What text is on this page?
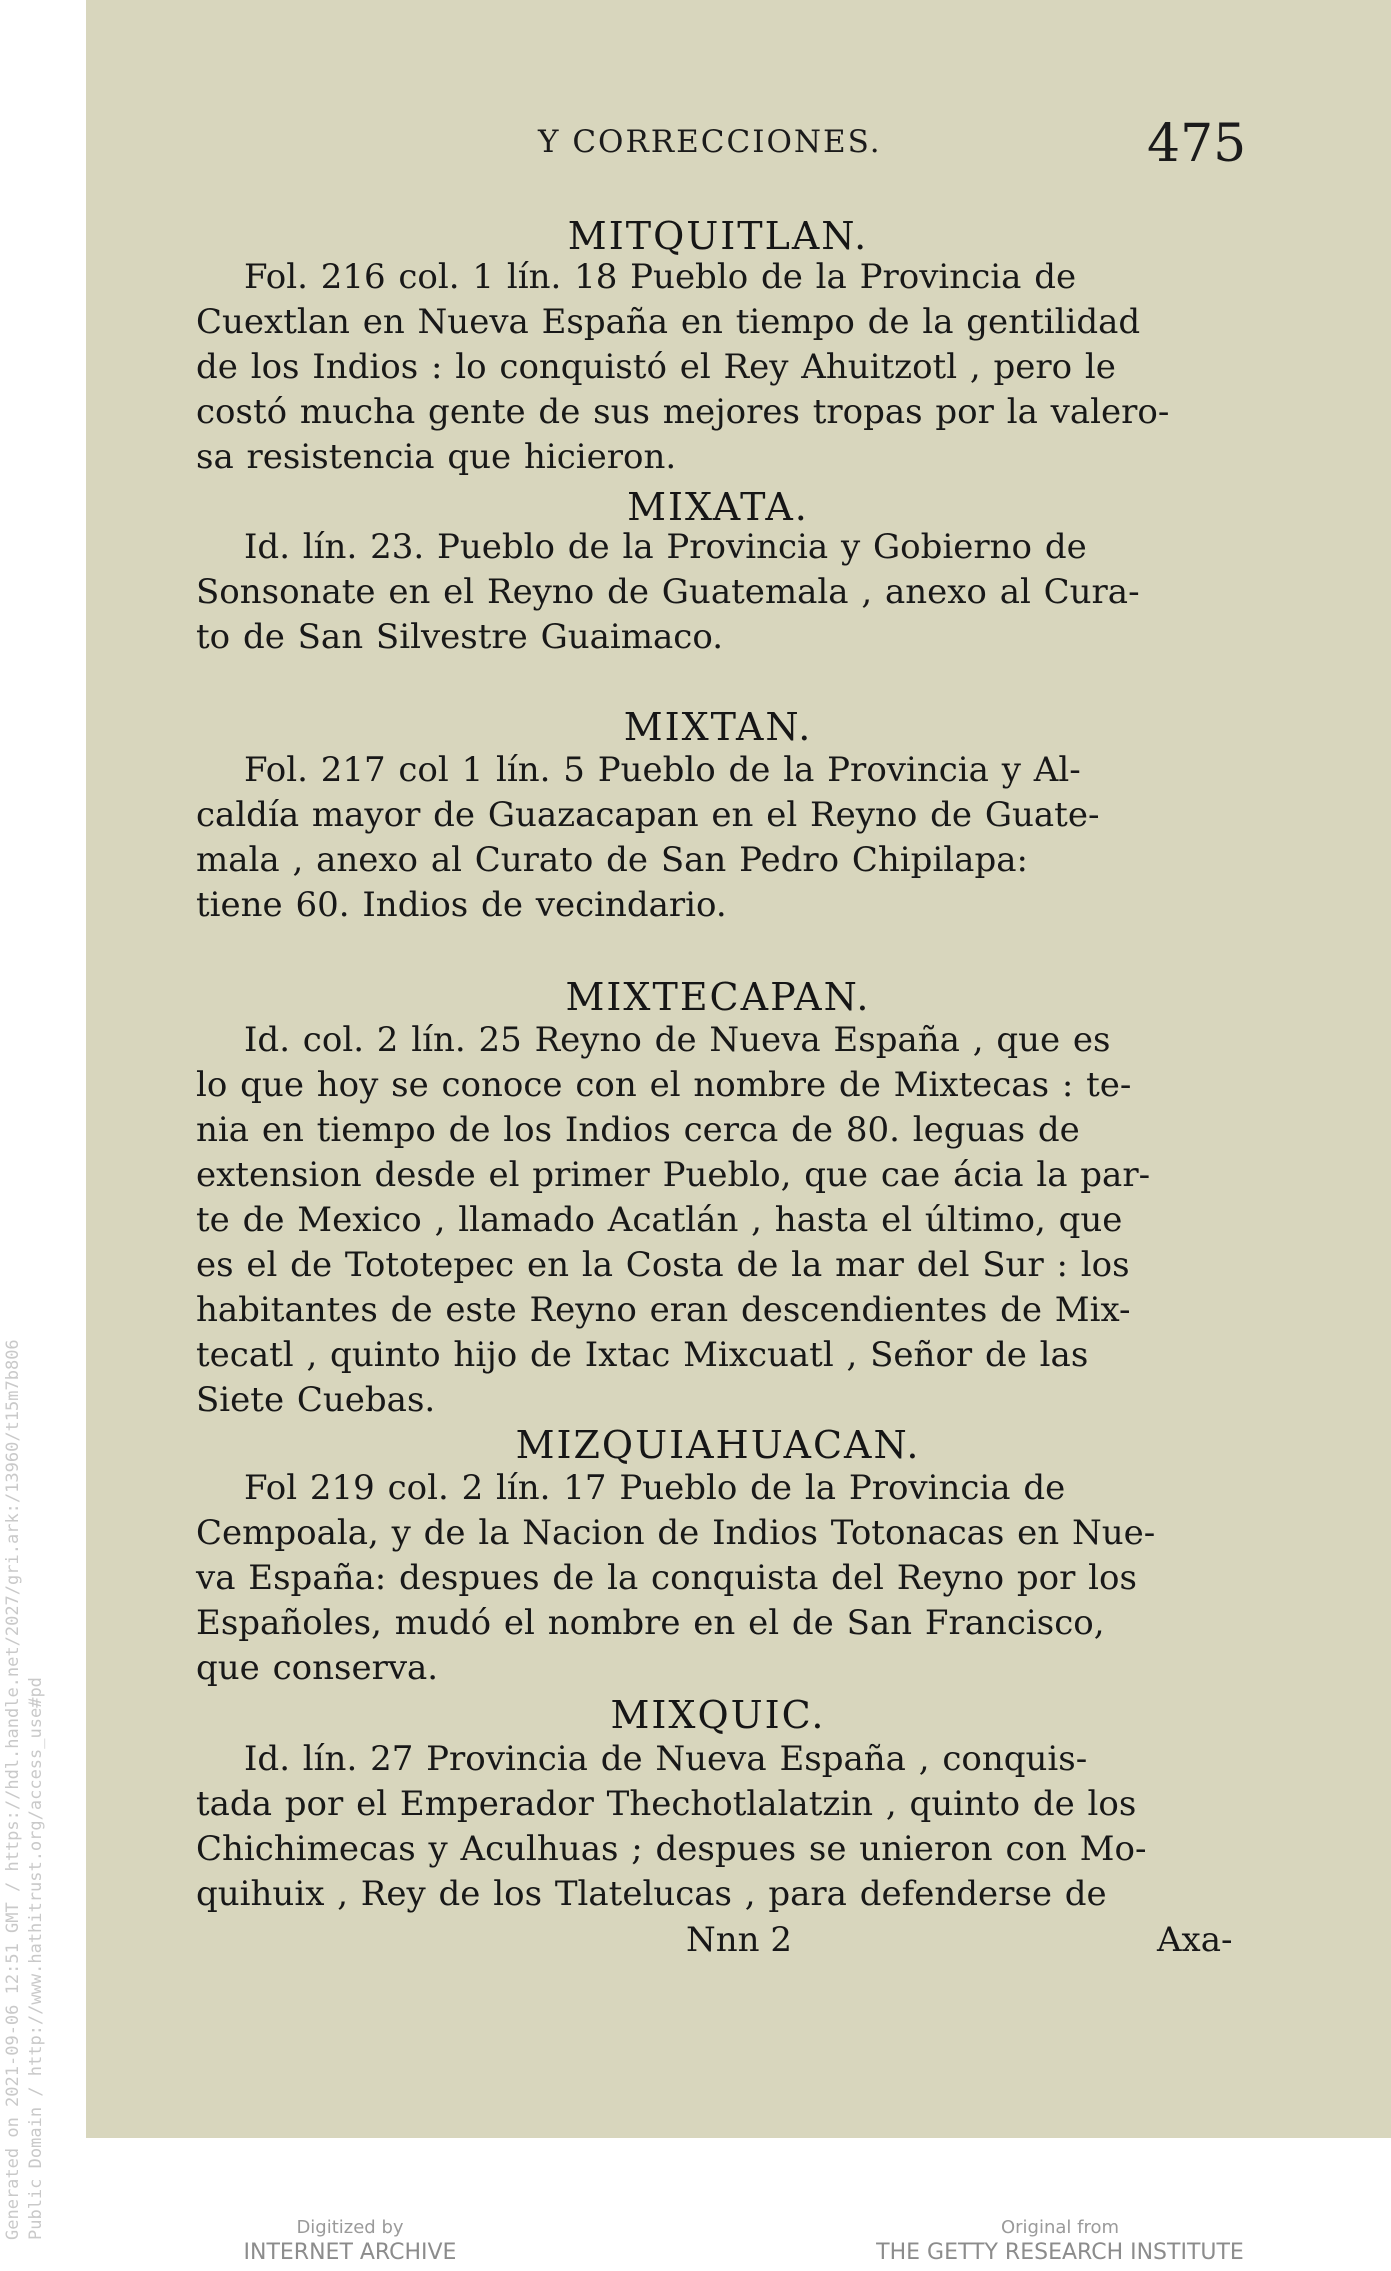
Generated on 2021-09-06 12:51 GMT / https://hdl.handle.net/2027/gri.ark:/13960/t15m7b806 Public Domain / http://www.hathitrust.org/access_use#pd
Y CORRECCIONES.	475
MITQUITLAN.
Fol. 216 col. 1 lín. 18 Pueblo de la Provincia de
Cuextlan en Nueva España en tiempo de la gentilidad
de los Indios : lo conquistó el Rey Ahuitzotl , pero le
costó mucha gente de sus mejores tropas por la valero-
sa resistencia que hicieron.
MIXATA.
Id. lín. 23. Pueblo de la Provincia y Gobierno de
Sonsonate en el Reyno de Guatemala , anexo al Cura-
to de San Silvestre Guaimaco.
MIXTAN.
Fol. 217 col 1 lín. 5 Pueblo de la Provincia y Al-
caldía mayor de Guazacapan en el Reyno de Guate-
mala , anexo al Curato de San Pedro Chipilapa:
tiene 60. Indios de vecindario.
MIXTECAPAN.
Id. col. 2 lín. 25 Reyno de Nueva España , que es
lo que hoy se conoce con el nombre de Mixtecas : te-
nia en tiempo de los Indios cerca de 80. leguas de
extension desde el primer Pueblo, que cae ácia la par-
te de Mexico , llamado Acatlán , hasta el último, que
es el de Tototepec en la Costa de la mar del Sur : los
habitantes de este Reyno eran descendientes de Mix-
tecatl , quinto hijo de Ixtac Mixcuatl , Señor de las
Siete Cuebas.
MIZQUIAHUACAN.
Fol 219 col. 2 lín. 17 Pueblo de la Provincia de
Cempoala, y de la Nacion de Indios Totonacas en Nue-
va España: despues de la conquista del Reyno por los
Españoles, mudó el nombre en el de San Francisco,
que conserva.
MIXQUIC.
Id. lín. 27 Provincia de Nueva España , conquis-
tada por el Emperador Thechotlalatzin , quinto de los
Chichimecas y Aculhuas ; despues se unieron con Mo-
quihuix , Rey de los Tlatelucas , para defenderse de
Nnn 2	Axa-
Digitized by
INTERNET ARCHIVE
Original from
THE GETTY RESEARCH INSTITUTE
